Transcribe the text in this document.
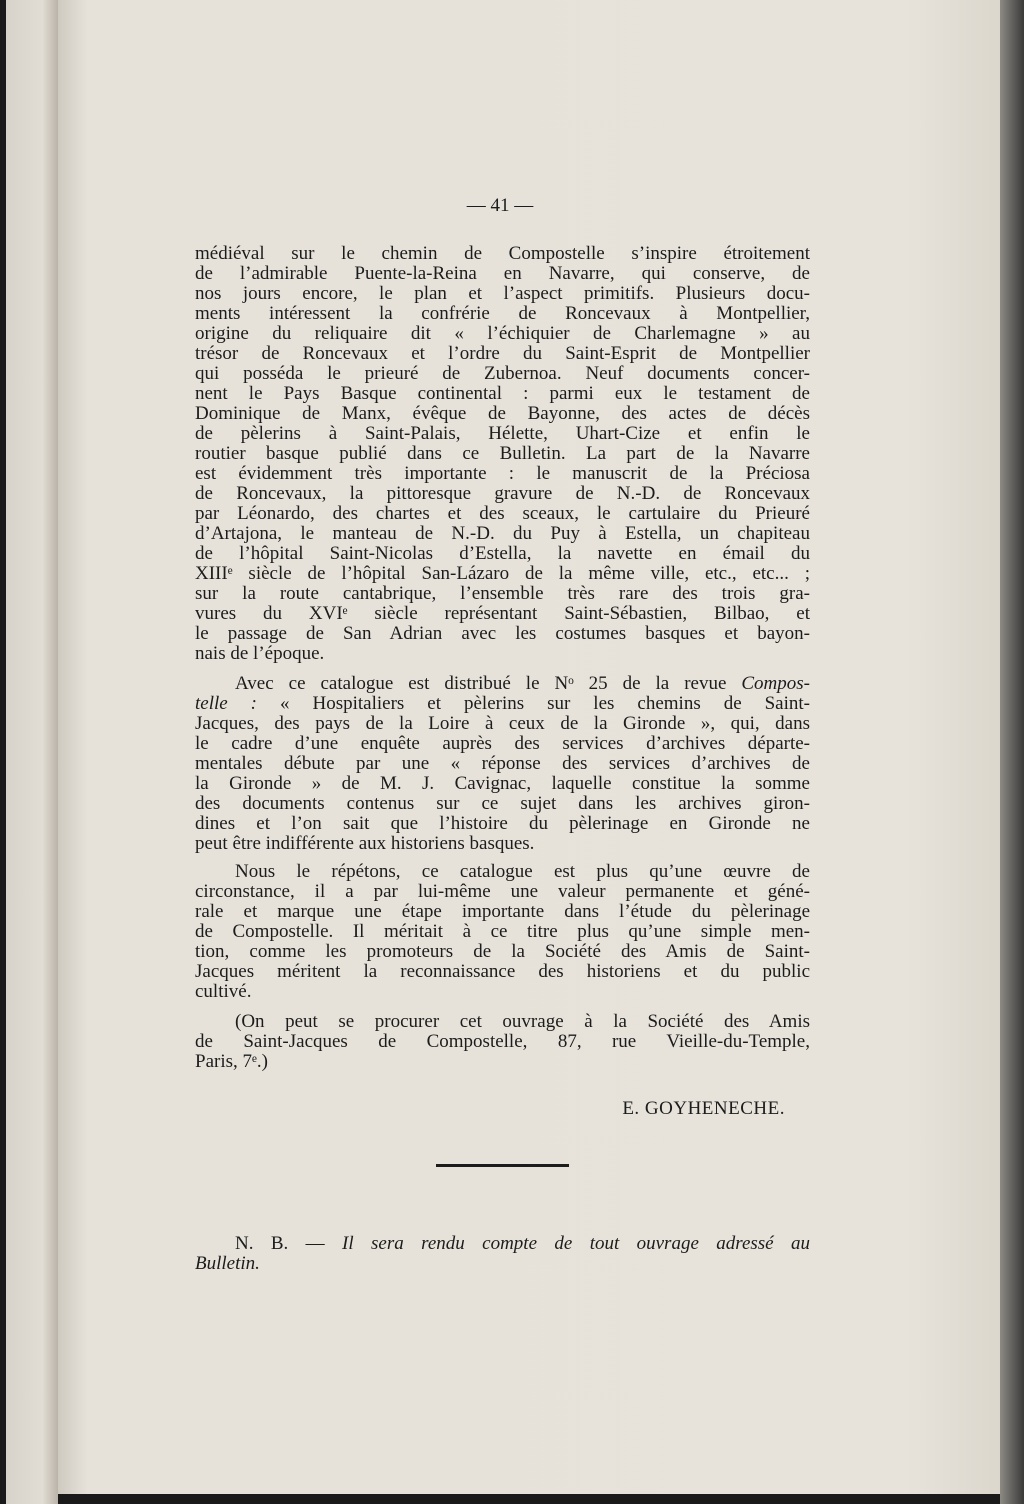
— 41 —
médiéval sur le chemin de Compostelle s’inspire étroitement
de l’admirable Puente-la-Reina en Navarre, qui conserve, de
nos jours encore, le plan et l’aspect primitifs. Plusieurs docu-
ments intéressent la confrérie de Roncevaux à Montpellier,
origine du reliquaire dit « l’échiquier de Charlemagne » au
trésor de Roncevaux et l’ordre du Saint-Esprit de Montpellier
qui posséda le prieuré de Zubernoa. Neuf documents concer-
nent le Pays Basque continental : parmi eux le testament de
Dominique de Manx, évêque de Bayonne, des actes de décès
de pèlerins à Saint-Palais, Hélette, Uhart-Cize et enfin le
routier basque publié dans ce Bulletin. La part de la Navarre
est évidemment très importante : le manuscrit de la Préciosa
de Roncevaux, la pittoresque gravure de N.-D. de Roncevaux
par Léonardo, des chartes et des sceaux, le cartulaire du Prieuré
d’Artajona, le manteau de N.-D. du Puy à Estella, un chapiteau
de l’hôpital Saint-Nicolas d’Estella, la navette en émail du
XIIIᵉ siècle de l’hôpital San-Lázaro de la même ville, etc., etc... ;
sur la route cantabrique, l’ensemble très rare des trois gra-
vures du XVIᵉ siècle représentant Saint-Sébastien, Bilbao, et
le passage de San Adrian avec les costumes basques et bayon-
nais de l’époque.
Avec ce catalogue est distribué le Nᵒ 25 de la revue Compos-
telle : « Hospitaliers et pèlerins sur les chemins de Saint-
Jacques, des pays de la Loire à ceux de la Gironde », qui, dans
le cadre d’une enquête auprès des services d’archives départe-
mentales débute par une « réponse des services d’archives de
la Gironde » de M. J. Cavignac, laquelle constitue la somme
des documents contenus sur ce sujet dans les archives giron-
dines et l’on sait que l’histoire du pèlerinage en Gironde ne
peut être indifférente aux historiens basques.
Nous le répétons, ce catalogue est plus qu’une œuvre de
circonstance, il a par lui-même une valeur permanente et géné-
rale et marque une étape importante dans l’étude du pèlerinage
de Compostelle. Il méritait à ce titre plus qu’une simple men-
tion, comme les promoteurs de la Société des Amis de Saint-
Jacques méritent la reconnaissance des historiens et du public
cultivé.
(On peut se procurer cet ouvrage à la Société des Amis
de Saint-Jacques de Compostelle, 87, rue Vieille-du-Temple,
Paris, 7ᵉ.)
E. GOYHENECHE.
N. B. — Il sera rendu compte de tout ouvrage adressé au
Bulletin.
